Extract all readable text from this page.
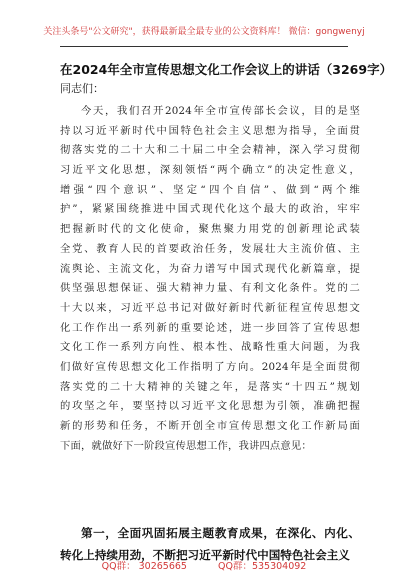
关注头条号"公文研究"，获得最新最全最专业的公文资料库！ 微信：gongwenyj
在2024年全市宣传思想文化工作会议上的讲话（3269字）
同志们：
今天，我们召开2024年全市宣传部长会议，目的是坚
持以习近平新时代中国特色社会主义思想为指导，全面贯
彻落实党的二十大和二十届二中全会精神，深入学习贯彻
习近平文化思想，深刻领悟“两个确立”的决定性意义，
增强“四个意识”、坚定“四个自信”、做到“两个维
护”，紧紧围绕推进中国式现代化这个最大的政治，牢牢
把握新时代的文化使命，聚焦聚力用党的创新理论武装
全党、教育人民的首要政治任务，发展壮大主流价值、主
流舆论、主流文化，为奋力谱写中国式现代化新篇章，提
供坚强思想保证、强大精神力量、有利文化条件。党的二
十大以来，习近平总书记对做好新时代新征程宣传思想文
化工作作出一系列新的重要论述，进一步回答了宣传思想
文化工作一系列方向性、根本性、战略性重大问题，为我
们做好宣传思想文化工作指明了方向。2024年是全面贯彻
落实党的二十大精神的关键之年，是落实“十四五”规划
的攻坚之年，要坚持以习近平文化思想为引领，准确把握
新的形势和任务，不断开创全市宣传思想文化工作新局面
下面，就做好下一阶段宣传思想工作，我讲四点意见：
第一，全面巩固拓展主题教育成果，在深化、内化、
转化上持续用劲，不断把习近平新时代中国特色社会主义
QQ群： 30265665	QQ群：535304092
